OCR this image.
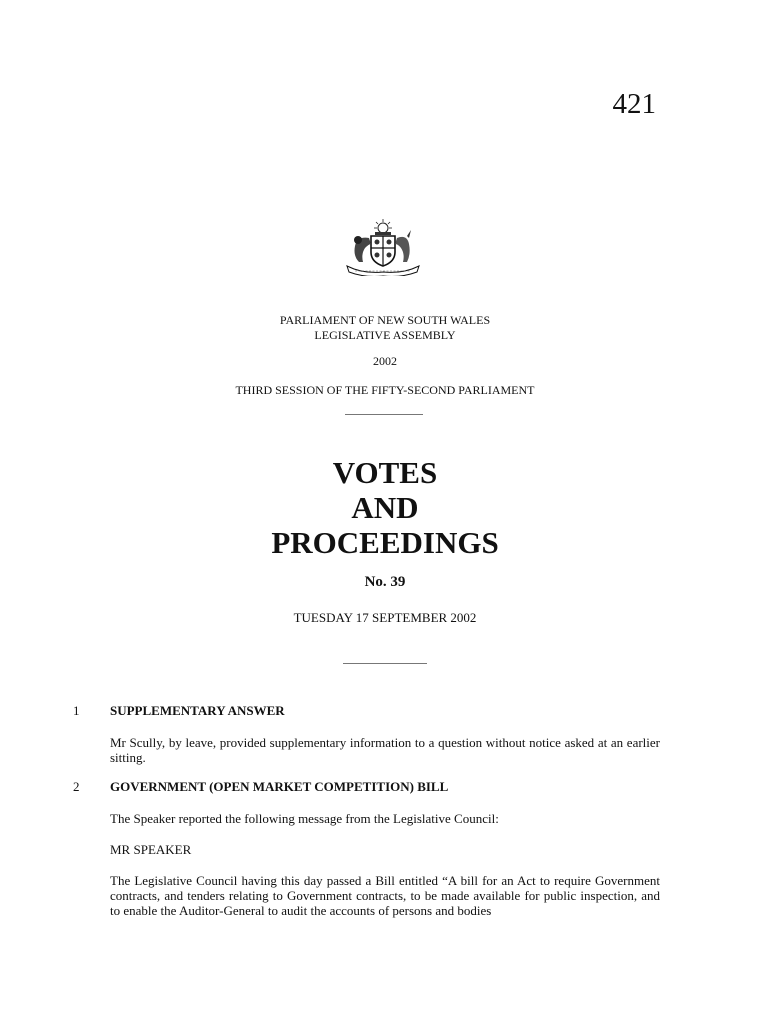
421
PARLIAMENT OF NEW SOUTH WALES
LEGISLATIVE ASSEMBLY
2002
THIRD SESSION OF THE FIFTY-SECOND PARLIAMENT
VOTES
AND
PROCEEDINGS
No. 39
TUESDAY 17 SEPTEMBER 2002
1 SUPPLEMENTARY ANSWER
Mr Scully, by leave, provided supplementary information to a question without notice asked at an earlier sitting.
2 GOVERNMENT (OPEN MARKET COMPETITION) BILL
The Speaker reported the following message from the Legislative Council:
MR SPEAKER
The Legislative Council having this day passed a Bill entitled “A bill for an Act to require Government contracts, and tenders relating to Government contracts, to be made available for public inspection, and to enable the Auditor-General to audit the accounts of persons and bodies
